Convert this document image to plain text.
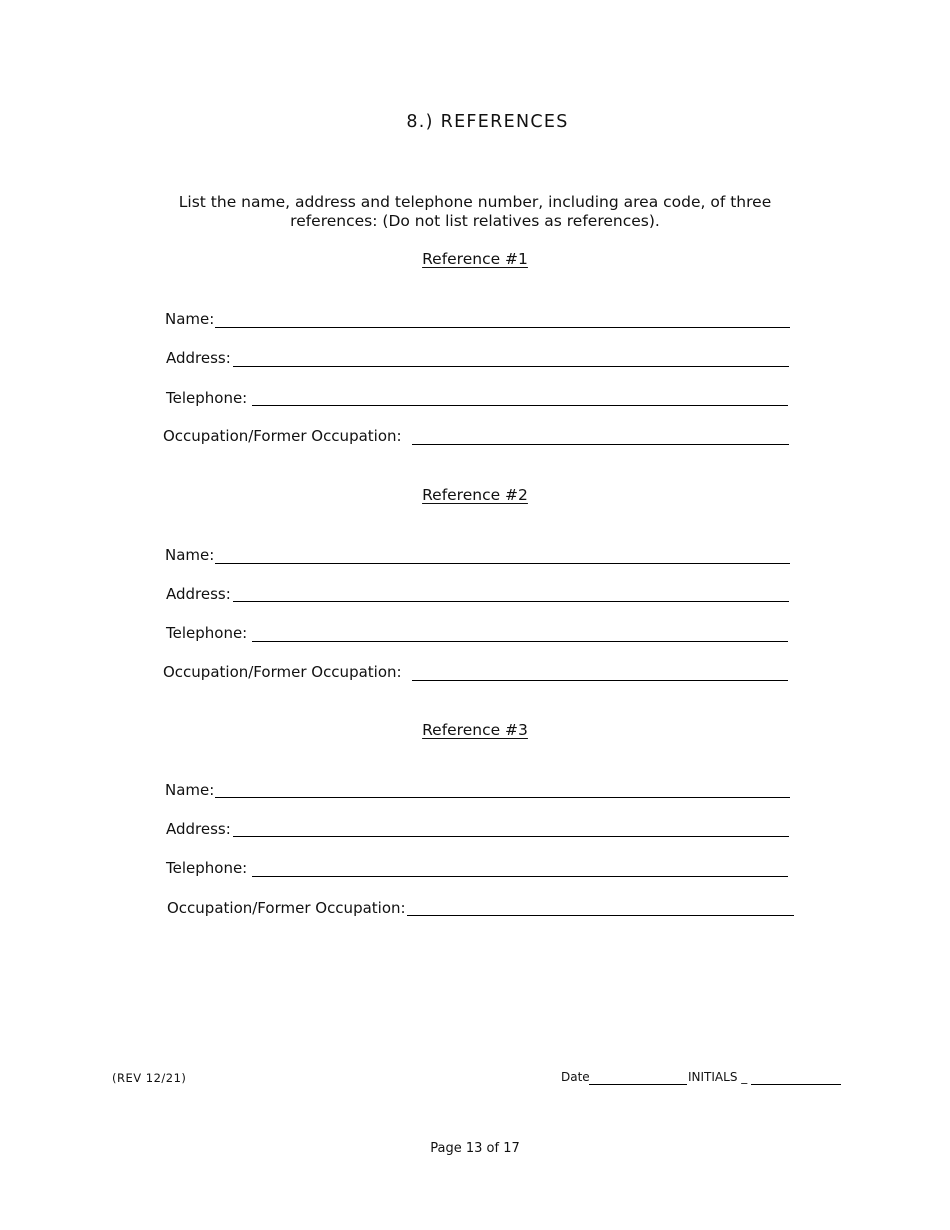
8.) REFERENCES

List the name, address and telephone number, including area code, of three references: (Do not list relatives as references).

Reference #1
Name:
Address:
Telephone:
Occupation/Former Occupation:
Reference #2
Name:
Address:
Telephone:
Occupation/Former Occupation:
Reference #3
Name:
Address:
Telephone:
Occupation/Former Occupation:
(REV 12/21)	Date	INITIALS _
Page 13 of 17
